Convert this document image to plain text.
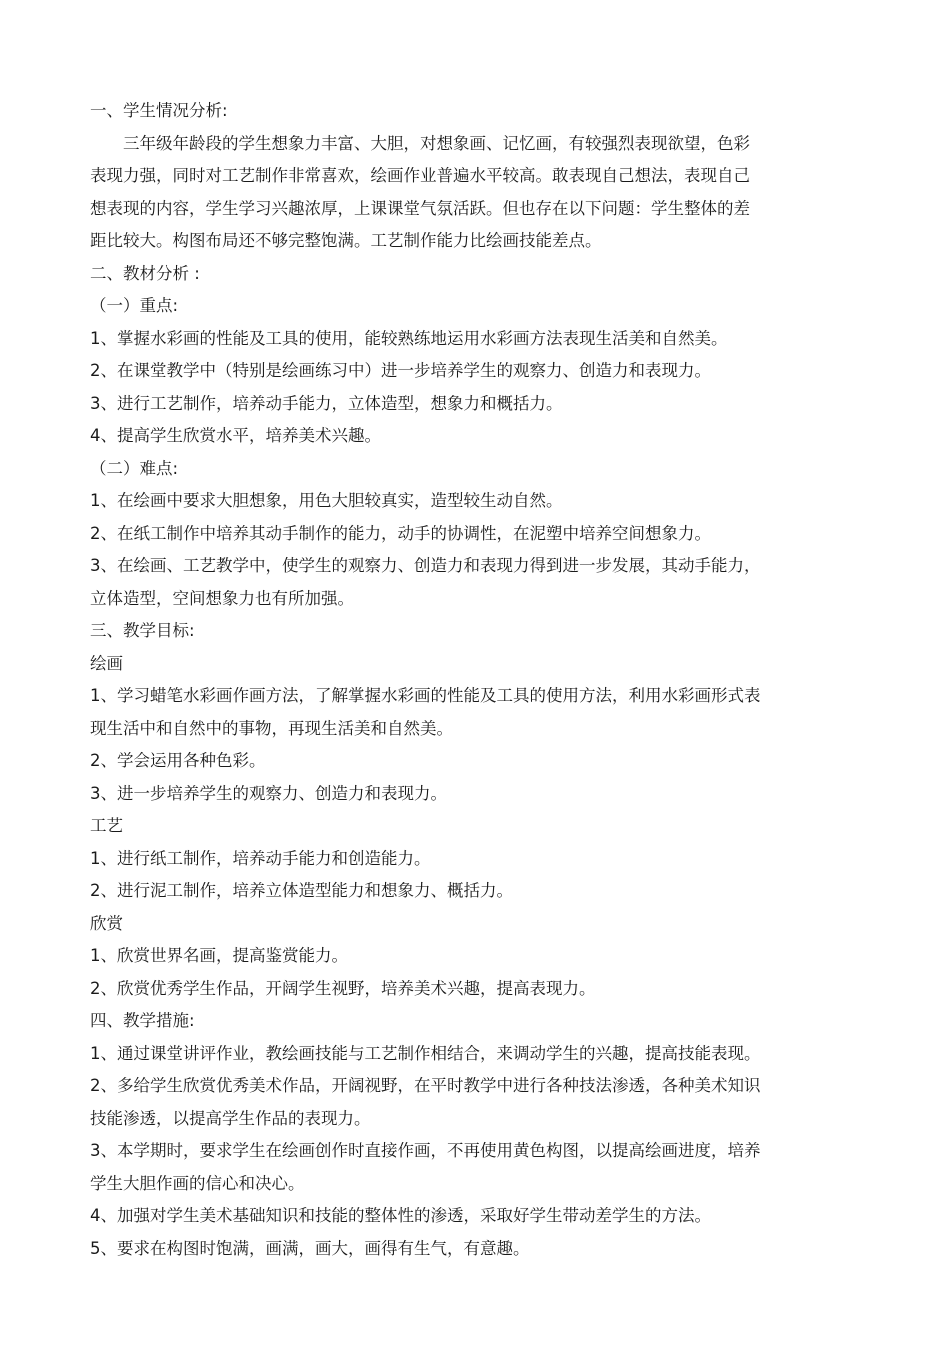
一、学生情况分析:

三年级年龄段的学生想象力丰富、大胆，对想象画、记忆画，有较强烈表现欲望，色彩

表现力强，同时对工艺制作非常喜欢，绘画作业普遍水平较高。敢表现自己想法，表现自己

想表现的内容，学生学习兴趣浓厚，上课课堂气氛活跃。但也存在以下问题：学生整体的差

距比较大。构图布局还不够完整饱满。工艺制作能力比绘画技能差点。

二、教材分析 :

（一）重点:

1、掌握水彩画的性能及工具的使用，能较熟练地运用水彩画方法表现生活美和自然美。

2、在课堂教学中（特别是绘画练习中）进一步培养学生的观察力、创造力和表现力。

3、进行工艺制作，培养动手能力，立体造型，想象力和概括力。

4、提高学生欣赏水平，培养美术兴趣。

（二）难点:

1、在绘画中要求大胆想象，用色大胆较真实，造型较生动自然。

2、在纸工制作中培养其动手制作的能力，动手的协调性，在泥塑中培养空间想象力。

3、在绘画、工艺教学中，使学生的观察力、创造力和表现力得到进一步发展，其动手能力，

立体造型，空间想象力也有所加强。

三、教学目标:

绘画

1、学习蜡笔水彩画作画方法，了解掌握水彩画的性能及工具的使用方法，利用水彩画形式表

现生活中和自然中的事物，再现生活美和自然美。

2、学会运用各种色彩。

3、进一步培养学生的观察力、创造力和表现力。

工艺

1、进行纸工制作，培养动手能力和创造能力。

2、进行泥工制作，培养立体造型能力和想象力、概括力。

欣赏

1、欣赏世界名画，提高鉴赏能力。

2、欣赏优秀学生作品，开阔学生视野，培养美术兴趣，提高表现力。

四、教学措施:

1、通过课堂讲评作业，教绘画技能与工艺制作相结合，来调动学生的兴趣，提高技能表现。

2、多给学生欣赏优秀美术作品，开阔视野，在平时教学中进行各种技法渗透，各种美术知识

技能渗透，以提高学生作品的表现力。

3、本学期时，要求学生在绘画创作时直接作画，不再使用黄色构图，以提高绘画进度，培养

学生大胆作画的信心和决心。

4、加强对学生美术基础知识和技能的整体性的渗透，采取好学生带动差学生的方法。

5、要求在构图时饱满，画满，画大，画得有生气，有意趣。
